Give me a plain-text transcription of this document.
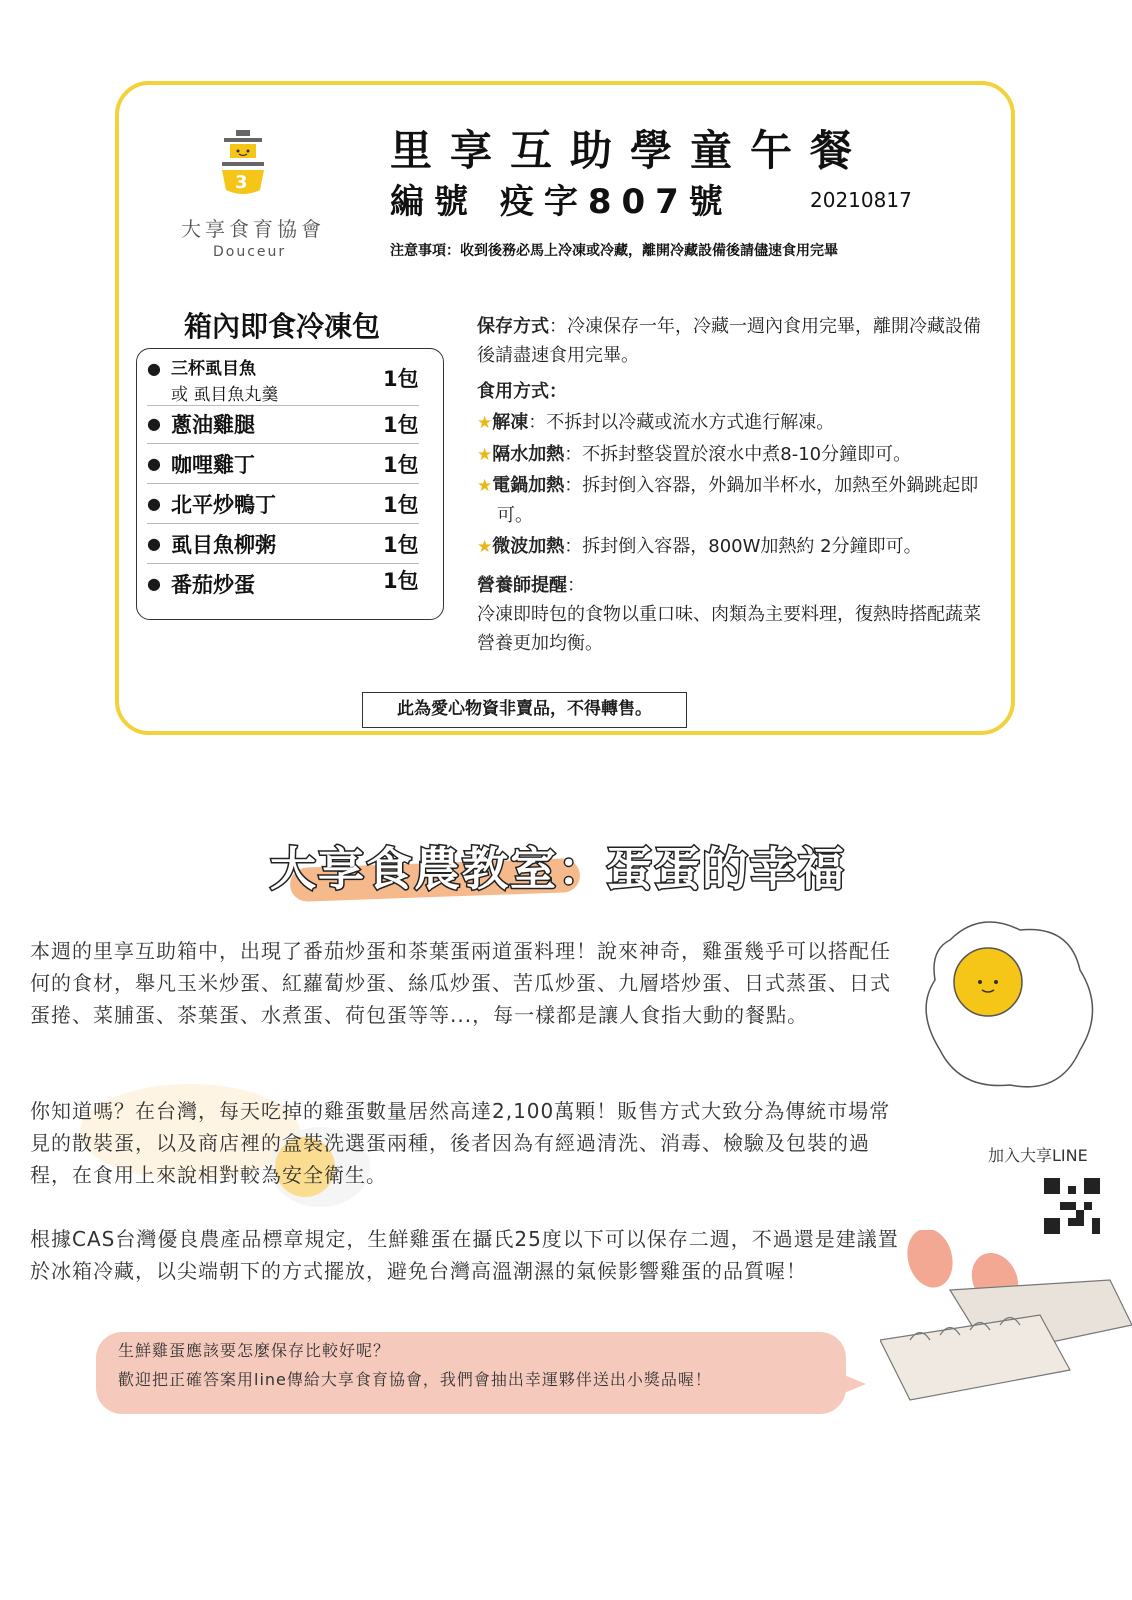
3
大享食育協會
Douceur
里享互助學童午餐
編號 疫字807號	20210817
注意事項：收到後務必馬上冷凍或冷藏，離開冷藏設備後請儘速食用完畢
箱內即食冷凍包
● 三杯虱目魚
或 虱目魚丸羹
1包
● 蔥油雞腿	1包
● 咖哩雞丁	1包
● 北平炒鴨丁	1包
● 虱目魚柳粥	1包
● 番茄炒蛋	1包
保存方式：冷凍保存一年，冷藏一週內食用完畢，離開冷藏設備後請盡速食用完畢。
食用方式：
★解凍：不拆封以冷藏或流水方式進行解凍。
★隔水加熱：不拆封整袋置於滾水中煮8-10分鐘即可。
★電鍋加熱：拆封倒入容器，外鍋加半杯水，加熱至外鍋跳起即可。
★微波加熱：拆封倒入容器，800W加熱約 2分鐘即可。
營養師提醒：
冷凍即時包的食物以重口味、肉類為主要料理，復熱時搭配蔬菜營養更加均衡。
此為愛心物資非賣品，不得轉售。
大享食農教室：蛋蛋的幸福
本週的里享互助箱中，出現了番茄炒蛋和茶葉蛋兩道蛋料理！說來神奇，雞蛋幾乎可以搭配任何的食材，舉凡玉米炒蛋、紅蘿蔔炒蛋、絲瓜炒蛋、苦瓜炒蛋、九層塔炒蛋、日式蒸蛋、日式蛋捲、菜脯蛋、茶葉蛋、水煮蛋、荷包蛋等等...，每一樣都是讓人食指大動的餐點。
你知道嗎？在台灣，每天吃掉的雞蛋數量居然高達2,100萬顆！販售方式大致分為傳統市場常見的散裝蛋，以及商店裡的盒裝洗選蛋兩種，後者因為有經過清洗、消毒、檢驗及包裝的過程，在食用上來說相對較為安全衛生。
根據CAS台灣優良農產品標章規定，生鮮雞蛋在攝氏25度以下可以保存二週，不過還是建議置於冰箱冷藏，以尖端朝下的方式擺放，避免台灣高溫潮濕的氣候影響雞蛋的品質喔！
加入大享LINE
生鮮雞蛋應該要怎麼保存比較好呢？
歡迎把正確答案用line傳給大享食育協會，我們會抽出幸運夥伴送出小獎品喔！
